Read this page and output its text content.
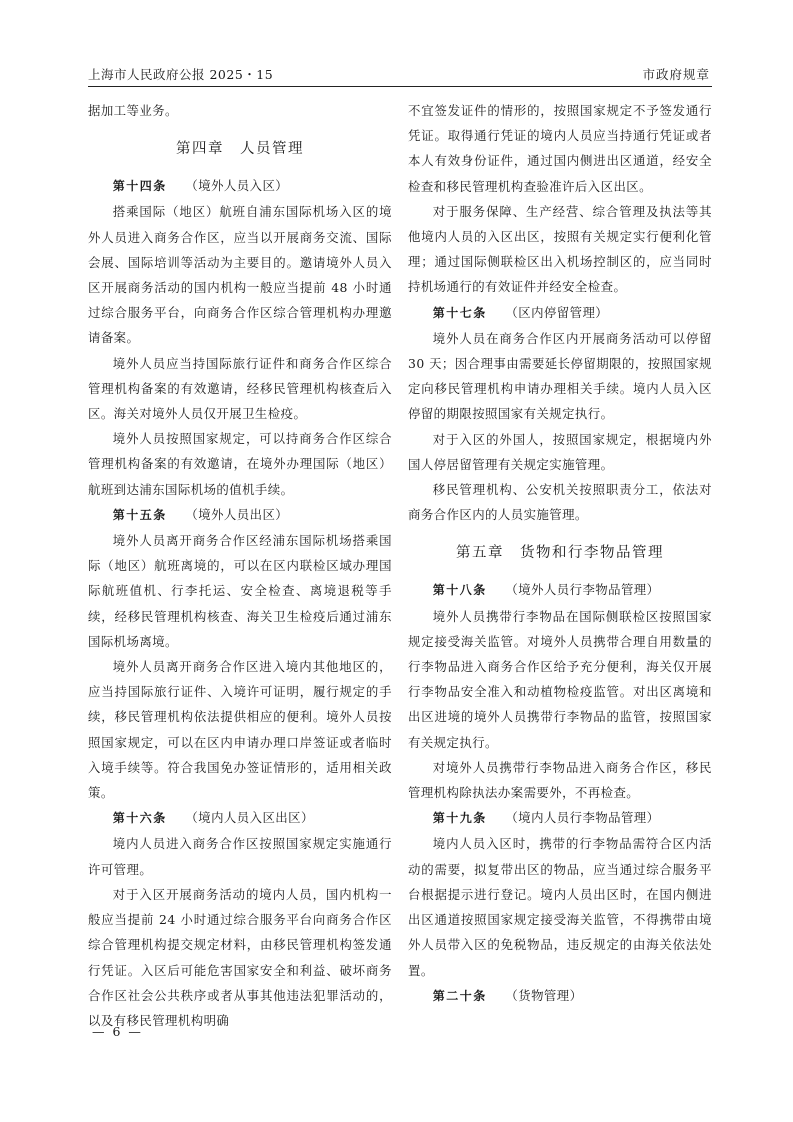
上海市人民政府公报 2025・15	市政府规章

据加工等业务。

第四章　人员管理

第十四条 （境外人员入区）

搭乘国际（地区）航班自浦东国际机场入区的境外人员进入商务合作区，应当以开展商务交流、国际会展、国际培训等活动为主要目的。邀请境外人员入区开展商务活动的国内机构一般应当提前 48 小时通过综合服务平台，向商务合作区综合管理机构办理邀请备案。

境外人员应当持国际旅行证件和商务合作区综合管理机构备案的有效邀请，经移民管理机构核查后入区。海关对境外人员仅开展卫生检疫。

境外人员按照国家规定，可以持商务合作区综合管理机构备案的有效邀请，在境外办理国际（地区）航班到达浦东国际机场的值机手续。

第十五条 （境外人员出区）

境外人员离开商务合作区经浦东国际机场搭乘国际（地区）航班离境的，可以在区内联检区域办理国际航班值机、行李托运、安全检查、离境退税等手续，经移民管理机构核查、海关卫生检疫后通过浦东国际机场离境。

境外人员离开商务合作区进入境内其他地区的，应当持国际旅行证件、入境许可证明，履行规定的手续，移民管理机构依法提供相应的便利。境外人员按照国家规定，可以在区内申请办理口岸签证或者临时入境手续等。符合我国免办签证情形的，适用相关政策。

第十六条 （境内人员入区出区）

境内人员进入商务合作区按照国家规定实施通行许可管理。

对于入区开展商务活动的境内人员，国内机构一般应当提前 24 小时通过综合服务平台向商务合作区综合管理机构提交规定材料，由移民管理机构签发通行凭证。入区后可能危害国家安全和利益、破坏商务合作区社会公共秩序或者从事其他违法犯罪活动的，以及有移民管理机构明确

不宜签发证件的情形的，按照国家规定不予签发通行凭证。取得通行凭证的境内人员应当持通行凭证或者本人有效身份证件，通过国内侧进出区通道，经安全检查和移民管理机构查验准许后入区出区。

对于服务保障、生产经营、综合管理及执法等其他境内人员的入区出区，按照有关规定实行便利化管理；通过国际侧联检区出入机场控制区的，应当同时持机场通行的有效证件并经安全检查。

第十七条 （区内停留管理）

境外人员在商务合作区内开展商务活动可以停留 30 天；因合理事由需要延长停留期限的，按照国家规定向移民管理机构申请办理相关手续。境内人员入区停留的期限按照国家有关规定执行。

对于入区的外国人，按照国家规定，根据境内外国人停居留管理有关规定实施管理。

移民管理机构、公安机关按照职责分工，依法对商务合作区内的人员实施管理。

第五章　货物和行李物品管理

第十八条 （境外人员行李物品管理）

境外人员携带行李物品在国际侧联检区按照国家规定接受海关监管。对境外人员携带合理自用数量的行李物品进入商务合作区给予充分便利，海关仅开展行李物品安全准入和动植物检疫监管。对出区离境和出区进境的境外人员携带行李物品的监管，按照国家有关规定执行。

对境外人员携带行李物品进入商务合作区，移民管理机构除执法办案需要外，不再检查。

第十九条 （境内人员行李物品管理）

境内人员入区时，携带的行李物品需符合区内活动的需要，拟复带出区的物品，应当通过综合服务平台根据提示进行登记。境内人员出区时，在国内侧进出区通道按照国家规定接受海关监管，不得携带由境外人员带入区的免税物品，违反规定的由海关依法处置。

第二十条 （货物管理）

— 6 —
